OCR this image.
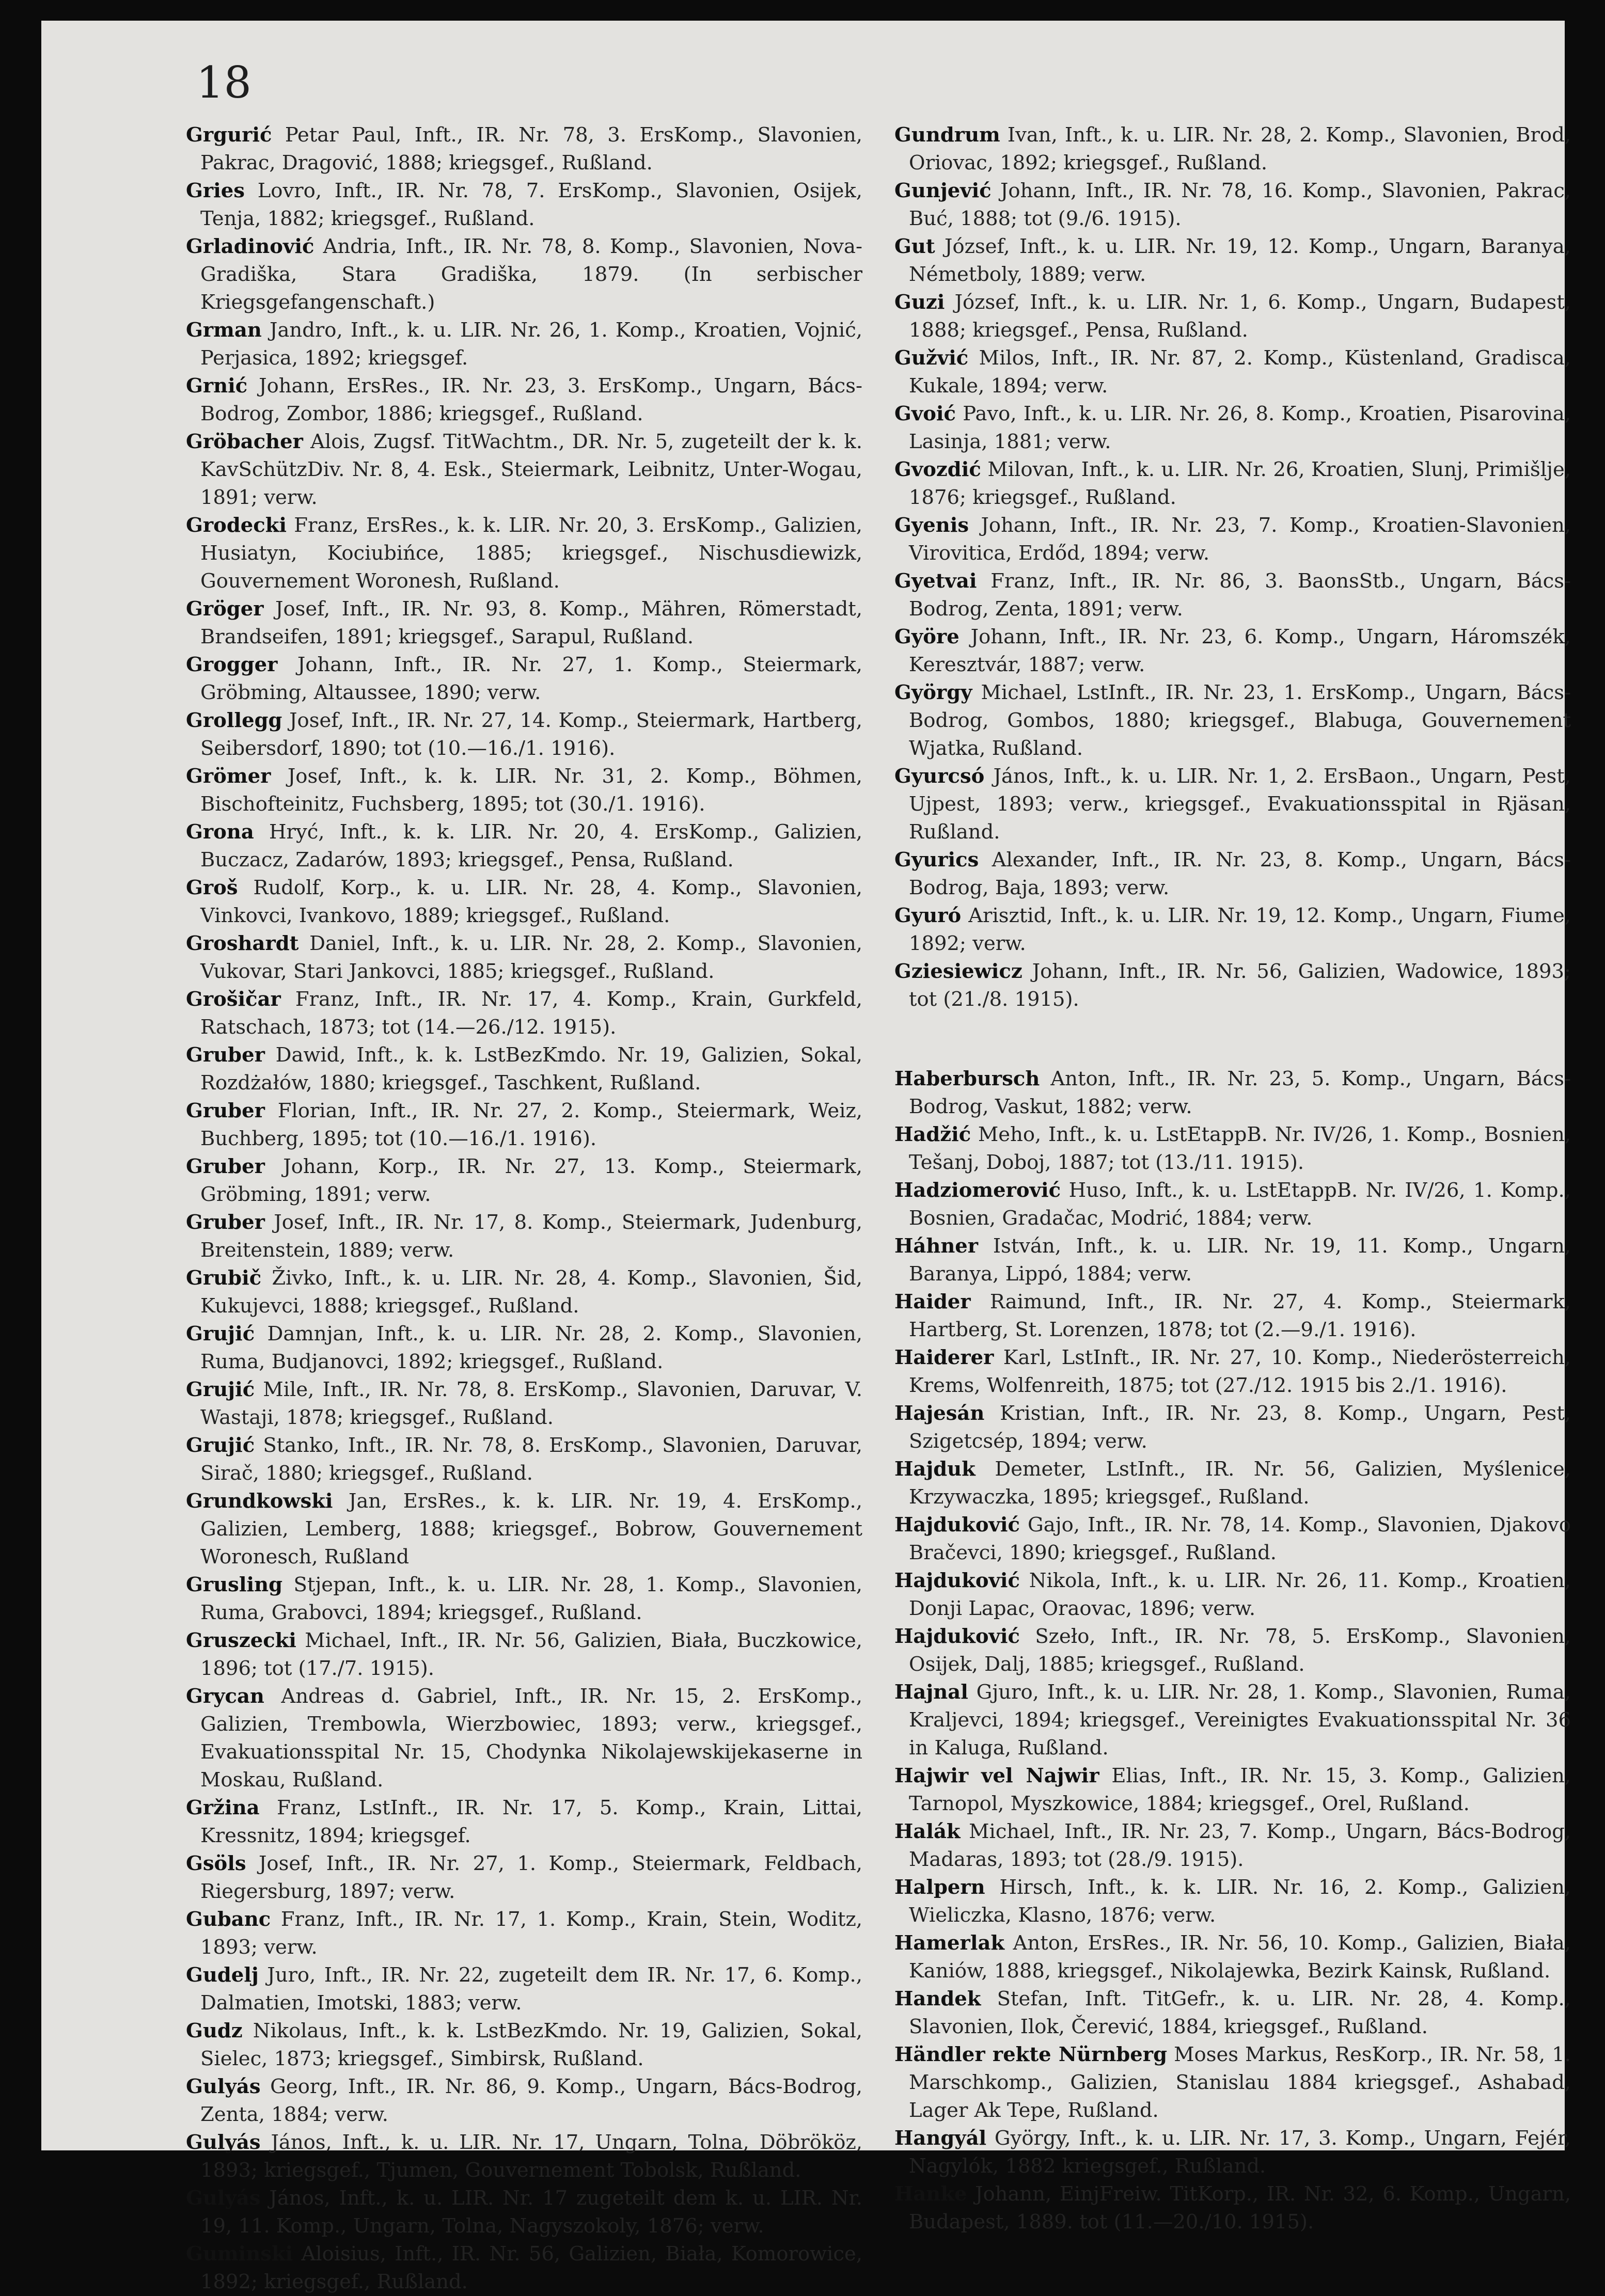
18
Grgurić Petar Paul, Inft., IR. Nr. 78, 3. ErsKomp., Slavonien, Pakrac, Dragović, 1888; kriegsgef., Rußland.
Gries Lovro, Inft., IR. Nr. 78, 7. ErsKomp., Slavonien, Osijek, Tenja, 1882; kriegsgef., Rußland.
Grladinović Andria, Inft., IR. Nr. 78, 8. Komp., Slavonien, Nova-Gradiška, Stara Gradiška, 1879. (In serbischer Kriegsgefangenschaft.)
Grman Jandro, Inft., k. u. LIR. Nr. 26, 1. Komp., Kroatien, Vojnić, Perjasica, 1892; kriegsgef.
Grnić Johann, ErsRes., IR. Nr. 23, 3. ErsKomp., Ungarn, Bács-Bodrog, Zombor, 1886; kriegsgef., Rußland.
Gröbacher Alois, Zugsf. TitWachtm., DR. Nr. 5, zugeteilt der k. k. KavSchützDiv. Nr. 8, 4. Esk., Steiermark, Leibnitz, Unter-Wogau, 1891; verw.
Grodecki Franz, ErsRes., k. k. LIR. Nr. 20, 3. ErsKomp., Galizien, Husiatyn, Kociubińce, 1885; kriegsgef., Nischusdiewizk, Gouvernement Woronesh, Rußland.
Gröger Josef, Inft., IR. Nr. 93, 8. Komp., Mähren, Römerstadt, Brandseifen, 1891; kriegsgef., Sarapul, Rußland.
Grogger Johann, Inft., IR. Nr. 27, 1. Komp., Steiermark, Gröbming, Altaussee, 1890; verw.
Grollegg Josef, Inft., IR. Nr. 27, 14. Komp., Steiermark, Hartberg, Seibersdorf, 1890; tot (10.—16./1. 1916).
Grömer Josef, Inft., k. k. LIR. Nr. 31, 2. Komp., Böhmen, Bischofteinitz, Fuchsberg, 1895; tot (30./1. 1916).
Grona Hryć, Inft., k. k. LIR. Nr. 20, 4. ErsKomp., Galizien, Buczacz, Zadarów, 1893; kriegsgef., Pensa, Rußland.
Groš Rudolf, Korp., k. u. LIR. Nr. 28, 4. Komp., Slavonien, Vinkovci, Ivankovo, 1889; kriegsgef., Rußland.
Groshardt Daniel, Inft., k. u. LIR. Nr. 28, 2. Komp., Slavonien, Vukovar, Stari Jankovci, 1885; kriegsgef., Rußland.
Grošičar Franz, Inft., IR. Nr. 17, 4. Komp., Krain, Gurkfeld, Ratschach, 1873; tot (14.—26./12. 1915).
Gruber Dawid, Inft., k. k. LstBezKmdo. Nr. 19, Galizien, Sokal, Rozdżałów, 1880; kriegsgef., Taschkent, Rußland.
Gruber Florian, Inft., IR. Nr. 27, 2. Komp., Steiermark, Weiz, Buchberg, 1895; tot (10.—16./1. 1916).
Gruber Johann, Korp., IR. Nr. 27, 13. Komp., Steiermark, Gröbming, 1891; verw.
Gruber Josef, Inft., IR. Nr. 17, 8. Komp., Steiermark, Judenburg, Breitenstein, 1889; verw.
Grubič Živko, Inft., k. u. LIR. Nr. 28, 4. Komp., Slavonien, Šid, Kukujevci, 1888; kriegsgef., Rußland.
Grujić Damnjan, Inft., k. u. LIR. Nr. 28, 2. Komp., Slavonien, Ruma, Budjanovci, 1892; kriegsgef., Rußland.
Grujić Mile, Inft., IR. Nr. 78, 8. ErsKomp., Slavonien, Daruvar, V. Wastaji, 1878; kriegsgef., Rußland.
Grujić Stanko, Inft., IR. Nr. 78, 8. ErsKomp., Slavonien, Daruvar, Sirač, 1880; kriegsgef., Rußland.
Grundkowski Jan, ErsRes., k. k. LIR. Nr. 19, 4. ErsKomp., Galizien, Lemberg, 1888; kriegsgef., Bobrow, Gouvernement Woronesch, Rußland
Grusling Stjepan, Inft., k. u. LIR. Nr. 28, 1. Komp., Slavonien, Ruma, Grabovci, 1894; kriegsgef., Rußland.
Gruszecki Michael, Inft., IR. Nr. 56, Galizien, Biała, Buczkowice, 1896; tot (17./7. 1915).
Grycan Andreas d. Gabriel, Inft., IR. Nr. 15, 2. ErsKomp., Galizien, Trembowla, Wierzbowiec, 1893; verw., kriegsgef., Evakuationsspital Nr. 15, Chodynka Nikolajewskijekaserne in Moskau, Rußland.
Gržina Franz, LstInft., IR. Nr. 17, 5. Komp., Krain, Littai, Kressnitz, 1894; kriegsgef.
Gsöls Josef, Inft., IR. Nr. 27, 1. Komp., Steiermark, Feldbach, Riegersburg, 1897; verw.
Gubanc Franz, Inft., IR. Nr. 17, 1. Komp., Krain, Stein, Woditz, 1893; verw.
Gudelj Juro, Inft., IR. Nr. 22, zugeteilt dem IR. Nr. 17, 6. Komp., Dalmatien, Imotski, 1883; verw.
Gudz Nikolaus, Inft., k. k. LstBezKmdo. Nr. 19, Galizien, Sokal, Sielec, 1873; kriegsgef., Simbirsk, Rußland.
Gulyás Georg, Inft., IR. Nr. 86, 9. Komp., Ungarn, Bács-Bodrog, Zenta, 1884; verw.
Gulyás János, Inft., k. u. LIR. Nr. 17, Ungarn, Tolna, Döbrököz, 1893; kriegsgef., Tjumen, Gouvernement Tobolsk, Rußland.
Gulyás János, Inft., k. u. LIR. Nr. 17 zugeteilt dem k. u. LIR. Nr. 19, 11. Komp., Ungarn, Tolna, Nagyszokoly, 1876; verw.
Guminski Aloisius, Inft., IR. Nr. 56, Galizien, Biała, Komorowice, 1892; kriegsgef., Rußland.
Gundrum Ivan, Inft., k. u. LIR. Nr. 28, 2. Komp., Slavonien, Brod, Oriovac, 1892; kriegsgef., Rußland.
Gunjević Johann, Inft., IR. Nr. 78, 16. Komp., Slavonien, Pakrac, Buć, 1888; tot (9./6. 1915).
Gut József, Inft., k. u. LIR. Nr. 19, 12. Komp., Ungarn, Baranya, Németboly, 1889; verw.
Guzi József, Inft., k. u. LIR. Nr. 1, 6. Komp., Ungarn, Budapest, 1888; kriegsgef., Pensa, Rußland.
Gužvić Milos, Inft., IR. Nr. 87, 2. Komp., Küstenland, Gradisca, Kukale, 1894; verw.
Gvoić Pavo, Inft., k. u. LIR. Nr. 26, 8. Komp., Kroatien, Pisarovina, Lasinja, 1881; verw.
Gvozdić Milovan, Inft., k. u. LIR. Nr. 26, Kroatien, Slunj, Primišlje, 1876; kriegsgef., Rußland.
Gyenis Johann, Inft., IR. Nr. 23, 7. Komp., Kroatien-Slavonien, Virovitica, Erdőd, 1894; verw.
Gyetvai Franz, Inft., IR. Nr. 86, 3. BaonsStb., Ungarn, Bács-Bodrog, Zenta, 1891; verw.
Györe Johann, Inft., IR. Nr. 23, 6. Komp., Ungarn, Háromszék, Keresztvár, 1887; verw.
György Michael, LstInft., IR. Nr. 23, 1. ErsKomp., Ungarn, Bács-Bodrog, Gombos, 1880; kriegsgef., Blabuga, Gouvernement Wjatka, Rußland.
Gyurcsó János, Inft., k. u. LIR. Nr. 1, 2. ErsBaon., Ungarn, Pest, Ujpest, 1893; verw., kriegsgef., Evakuationsspital in Rjäsan, Rußland.
Gyurics Alexander, Inft., IR. Nr. 23, 8. Komp., Ungarn, Bács-Bodrog, Baja, 1893; verw.
Gyuró Arisztid, Inft., k. u. LIR. Nr. 19, 12. Komp., Ungarn, Fiume, 1892; verw.
Gziesiewicz Johann, Inft., IR. Nr. 56, Galizien, Wadowice, 1893; tot (21./8. 1915).
Haberbursch Anton, Inft., IR. Nr. 23, 5. Komp., Ungarn, Bács-Bodrog, Vaskut, 1882; verw.
Hadžić Meho, Inft., k. u. LstEtappB. Nr. IV/26, 1. Komp., Bosnien, Tešanj, Doboj, 1887; tot (13./11. 1915).
Hadziomerović Huso, Inft., k. u. LstEtappB. Nr. IV/26, 1. Komp., Bosnien, Gradačac, Modrić, 1884; verw.
Háhner István, Inft., k. u. LIR. Nr. 19, 11. Komp., Ungarn, Baranya, Lippó, 1884; verw.
Haider Raimund, Inft., IR. Nr. 27, 4. Komp., Steiermark, Hartberg, St. Lorenzen, 1878; tot (2.—9./1. 1916).
Haiderer Karl, LstInft., IR. Nr. 27, 10. Komp., Niederösterreich, Krems, Wolfenreith, 1875; tot (27./12. 1915 bis 2./1. 1916).
Hajesán Kristian, Inft., IR. Nr. 23, 8. Komp., Ungarn, Pest, Szigetcsép, 1894; verw.
Hajduk Demeter, LstInft., IR. Nr. 56, Galizien, Myślenice, Krzywaczka, 1895; kriegsgef., Rußland.
Hajduković Gajo, Inft., IR. Nr. 78, 14. Komp., Slavonien, Djakovo Bračevci, 1890; kriegsgef., Rußland.
Hajduković Nikola, Inft., k. u. LIR. Nr. 26, 11. Komp., Kroatien, Donji Lapac, Oraovac, 1896; verw.
Hajduković Szeło, Inft., IR. Nr. 78, 5. ErsKomp., Slavonien, Osijek, Dalj, 1885; kriegsgef., Rußland.
Hajnal Gjuro, Inft., k. u. LIR. Nr. 28, 1. Komp., Slavonien, Ruma, Kraljevci, 1894; kriegsgef., Vereinigtes Evakuationsspital Nr. 36 in Kaluga, Rußland.
Hajwir vel Najwir Elias, Inft., IR. Nr. 15, 3. Komp., Galizien, Tarnopol, Myszkowice, 1884; kriegsgef., Orel, Rußland.
Halák Michael, Inft., IR. Nr. 23, 7. Komp., Ungarn, Bács-Bodrog, Madaras, 1893; tot (28./9. 1915).
Halpern Hirsch, Inft., k. k. LIR. Nr. 16, 2. Komp., Galizien, Wieliczka, Klasno, 1876; verw.
Hamerlak Anton, ErsRes., IR. Nr. 56, 10. Komp., Galizien, Biała, Kaniów, 1888, kriegsgef., Nikolajewka, Bezirk Kainsk, Rußland.
Handek Stefan, Inft. TitGefr., k. u. LIR. Nr. 28, 4. Komp., Slavonien, Ilok, Čerević, 1884, kriegsgef., Rußland.
Händler rekte Nürnberg Moses Markus, ResKorp., IR. Nr. 58, 1. Marschkomp., Galizien, Stanislau 1884 kriegsgef., Ashabad, Lager Ak Tepe, Rußland.
Hangyál György, Inft., k. u. LIR. Nr. 17, 3. Komp., Ungarn, Fejér, Nagylók, 1882 kriegsgef., Rußland.
Hanke Johann, EinjFreiw. TitKorp., IR. Nr. 32, 6. Komp., Ungarn, Budapest, 1889. tot (11.—20./10. 1915).
